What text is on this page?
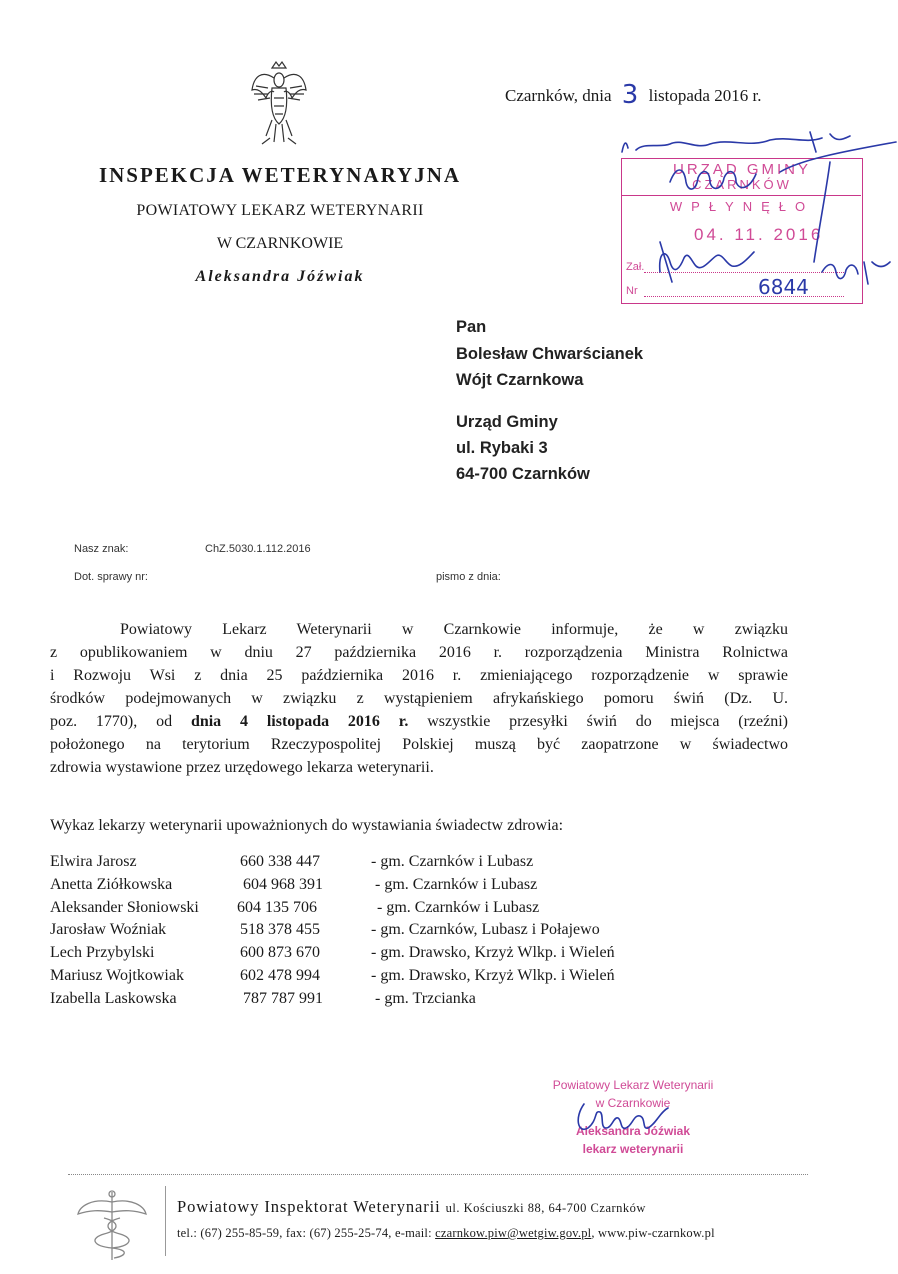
INSPEKCJA WETERYNARYJNA
POWIATOWY LEKARZ WETERYNARII
W CZARNKOWIE
Aleksandra Jóźwiak
Czarnków, dnia 3 listopada 2016 r.
URZĄD GMINY
CZARNKÓW
WPŁYNĘŁO
04. 11. 2016
Zał.
Nr	6844
Pan
Bolesław Chwarścianek
Wójt Czarnkowa
Urząd Gminy
ul. Rybaki 3
64-700 Czarnków
Nasz znak:	ChZ.5030.1.112.2016
Dot. sprawy nr:	pismo z dnia:
Powiatowy Lekarz Weterynarii w Czarnkowie informuje, że w związku
z opublikowaniem w dniu 27 października 2016 r. rozporządzenia Ministra Rolnictwa
i Rozwoju Wsi z dnia 25 października 2016 r. zmieniającego rozporządzenie w sprawie
środków podejmowanych w związku z wystąpieniem afrykańskiego pomoru świń (Dz. U.
poz. 1770), od dnia 4 listopada 2016 r. wszystkie przesyłki świń do miejsca (rzeźni)
położonego na terytorium Rzeczypospolitej Polskiej muszą być zaopatrzone w świadectwo
zdrowia wystawione przez urzędowego lekarza weterynarii.
Wykaz lekarzy weterynarii upoważnionych do wystawiania świadectw zdrowia:
Elwira Jarosz	660 338 447	- gm. Czarnków i Lubasz
Anetta Ziółkowska	604 968 391	- gm. Czarnków i Lubasz
Aleksander Słoniowski 604 135 706	- gm. Czarnków i Lubasz
Jarosław Woźniak	518 378 455	- gm. Czarnków, Lubasz i Połajewo
Lech Przybylski	600 873 670	- gm. Drawsko, Krzyż Wlkp. i Wieleń
Mariusz Wojtkowiak	602 478 994	- gm. Drawsko, Krzyż Wlkp. i Wieleń
Izabella Laskowska	787 787 991	- gm. Trzcianka
Powiatowy Lekarz Weterynarii
w Czarnkowie
Aleksandra Jóźwiak
lekarz weterynarii
Powiatowy Inspektorat Weterynarii ul. Kościuszki 88, 64-700 Czarnków
tel.: (67) 255-85-59, fax: (67) 255-25-74, e-mail: czarnkow.piw@wetgiw.gov.pl, www.piw-czarnkow.pl
